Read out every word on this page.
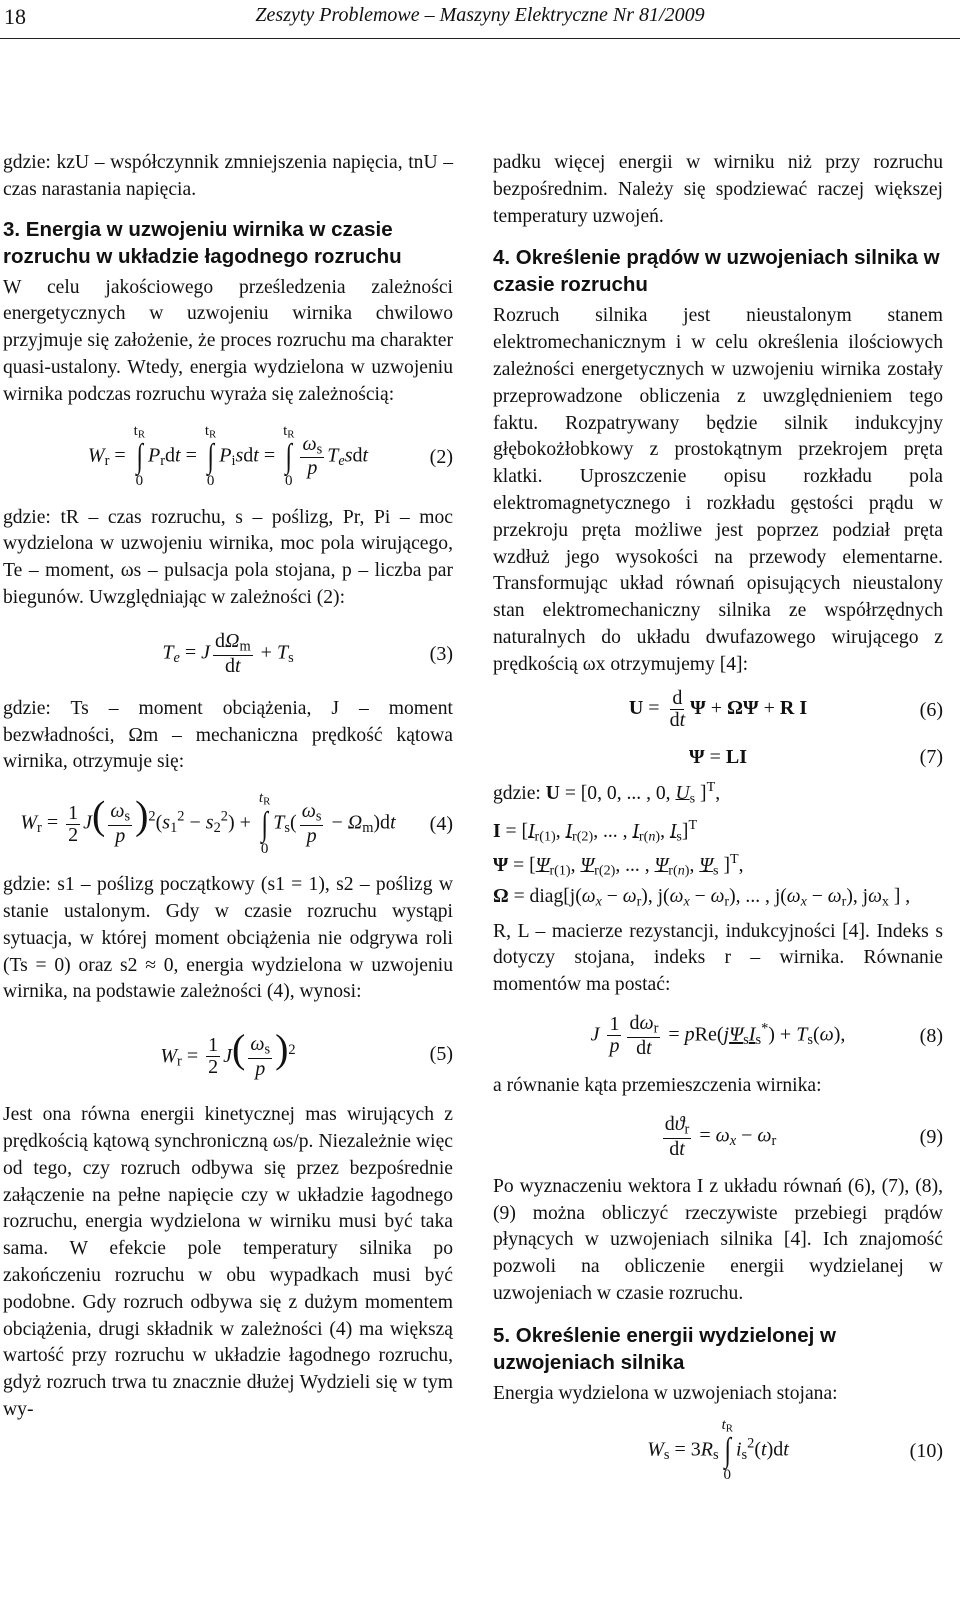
18	Zeszyty Problemowe – Maszyny Elektryczne Nr 81/2009

gdzie: kzU – współczynnik zmniejszenia napięcia, tnU – czas narastania napięcia.

3. Energia w uzwojeniu wirnika w czasie rozruchu w układzie łagodnego rozruchu

W celu jakościowego prześledzenia zależności energetycznych w uzwojeniu wirnika chwilowo przyjmuje się założenie, że proces rozruchu ma charakter quasi-ustalony. Wtedy, energia wydzielona w uzwojeniu wirnika podczas rozruchu wyraża się zależnością:

$W_r$ =
$t_R$
∫
0
$P_rdt$ =
$t_R$
∫
0
$P_isdt$ =
$t_R$
∫
0
$\frac{\omega_s}{p} T_esdt$	(2)

gdzie: tR – czas rozruchu, s – poślizg, Pr, Pi – moc wydzielona w uzwojeniu wirnika, moc pola wirującego, Te – moment, ωs – pulsacja pola stojana, p – liczba par biegunów. Uwzględniając w zależności (2):

$T_e = J \frac{d\Omega_m}{dt} + T_s$	(3)

gdzie: Ts – moment obciążenia, J – moment bezwładności, Ωm – mechaniczna prędkość kątowa wirnika, otrzymuje się:

$W_r = \frac{1}{2} J( \frac{\omega_s}{p} )^2(s_1^2 - s_2^2)$ +
$t_R$
∫
0
$T_s( \frac{\omega_s}{p} - \Omega_m)dt$ (4)

gdzie: s1 – poślizg początkowy (s1 = 1), s2 – poślizg w stanie ustalonym. Gdy w czasie rozruchu wystąpi sytuacja, w której moment obciążenia nie odgrywa roli (Ts = 0) oraz s2 ≈ 0, energia wydzielona w uzwojeniu wirnika, na podstawie zależności (4), wynosi:

$W_r = \frac{1}{2} J( \frac{\omega_s}{p} )^2$	(5)

Jest ona równa energii kinetycznej mas wirujących z prędkością kątową synchroniczną ωs/p. Niezależnie więc od tego, czy rozruch odbywa się przez bezpośrednie załączenie na pełne napięcie czy w układzie łagodnego rozruchu, energia wydzielona w wirniku musi być taka sama. W efekcie pole temperatury silnika po zakończeniu rozruchu w obu wypadkach musi być podobne. Gdy rozruch odbywa się z dużym momentem obciążenia, drugi składnik w zależności (4) ma większą wartość przy rozruchu w układzie łagodnego rozruchu, gdyż rozruch trwa tu znacznie dłużej Wydzieli się w tym wy-

padku więcej energii w wirniku niż przy rozruchu bezpośrednim. Należy się spodziewać raczej większej temperatury uzwojeń.

4. Określenie prądów w uzwojeniach silnika w czasie rozruchu

Rozruch silnika jest nieustalonym stanem elektromechanicznym i w celu określenia ilościowych zależności energetycznych w uzwojeniu wirnika zostały przeprowadzone obliczenia z uwzględnieniem tego faktu. Rozpatrywany będzie silnik indukcyjny głębokożłobkowy z prostokątnym przekrojem pręta klatki. Uproszczenie opisu rozkładu pola elektromagnetycznego i rozkładu gęstości prądu w przekroju pręta możliwe jest poprzez podział pręta wzdłuż jego wysokości na przewody elementarne. Transformując układ równań opisujących nieustalony stan elektromechaniczny silnika ze współrzędnych naturalnych do układu dwufazowego wirującego z prędkością ωx otrzymujemy [4]:

$U = \frac{d}{dt}$ Ψ + ΩΨ + R I	(6)
Ψ = LI	(7)
gdzie: U = [0, 0, ... , 0, $U_s$ ]$^T$,
$I = [I_{r(1)}$, $I_{r(2)}$, ... , $I_{r(n)}$, $I_s]^T$
$\Psi = [\Psi_{r(1)}$, $\Psi_{r(2)}$, ... , $\Psi_{r(n)}$, $\Psi_s$ ]$^T$,
$\Omega = diag[j(\omega_x - \omega_r)$, $j(\omega_x - \omega_r)$, ... , $j(\omega_x - \omega_r)$, $j\omega_x$ ] ,

R, L – macierze rezystancji, indukcyjności [4]. Indeks s dotyczy stojana, indeks r – wirnika. Równanie momentów ma postać:

J $\frac{1}{p} \frac{d\omega_r}{dt} = pRe(j\Psi_sI_s^*) + T_s(\omega)$,	(8)

a równanie kąta przemieszczenia wirnika:

$\frac{dϑ_r}{dt} = \omega_x - \omega_r$	(9)

Po wyznaczeniu wektora I z układu równań (6), (7), (8), (9) można obliczyć rzeczywiste przebiegi prądów płynących w uzwojeniach silnika [4]. Ich znajomość pozwoli na obliczenie energii wydzielanej w uzwojeniach w czasie rozruchu.

5. Określenie energii wydzielonej w uzwojeniach silnika

Energia wydzielona w uzwojeniach stojana:

$W_s = 3R_s$
$t_R$
∫
0
$i_s^2(t)dt$	(10)
